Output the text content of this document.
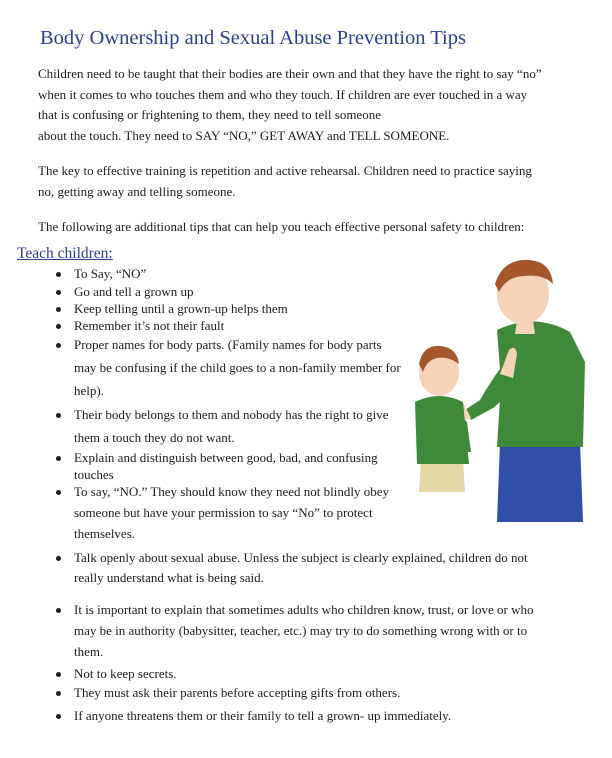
Body Ownership and Sexual Abuse Prevention Tips

Children need to be taught that their bodies are their own and that they have the right to say “no”
when it comes to who touches them and who they touch. If children are ever touched in a way
that is confusing or frightening to them, they need to tell someone
about the touch. They need to SAY “NO,” GET AWAY and TELL SOMEONE.

The key to effective training is repetition and active rehearsal. Children need to practice saying
no, getting away and telling someone.

The following are additional tips that can help you teach effective personal safety to children:

Teach children:
To Say, “NO”
Go and tell a grown up
Keep telling until a grown-up helps them
Remember it’s not their fault
Proper names for body parts. (Family names for body parts
may be confusing if the child goes to a non-family member for
help).
Their body belongs to them and nobody has the right to give
them a touch they do not want.
Explain and distinguish between good, bad, and confusing
touches
To say, “NO.” They should know they need not blindly obey
someone but have your permission to say “No” to protect
themselves.
Talk openly about sexual abuse. Unless the subject is clearly explained, children do not
really understand what is being said.
It is important to explain that sometimes adults who children know, trust, or love or who
may be in authority (babysitter, teacher, etc.) may try to do something wrong with or to
them.
Not to keep secrets.
They must ask their parents before accepting gifts from others.
If anyone threatens them or their family to tell a grown- up immediately.
